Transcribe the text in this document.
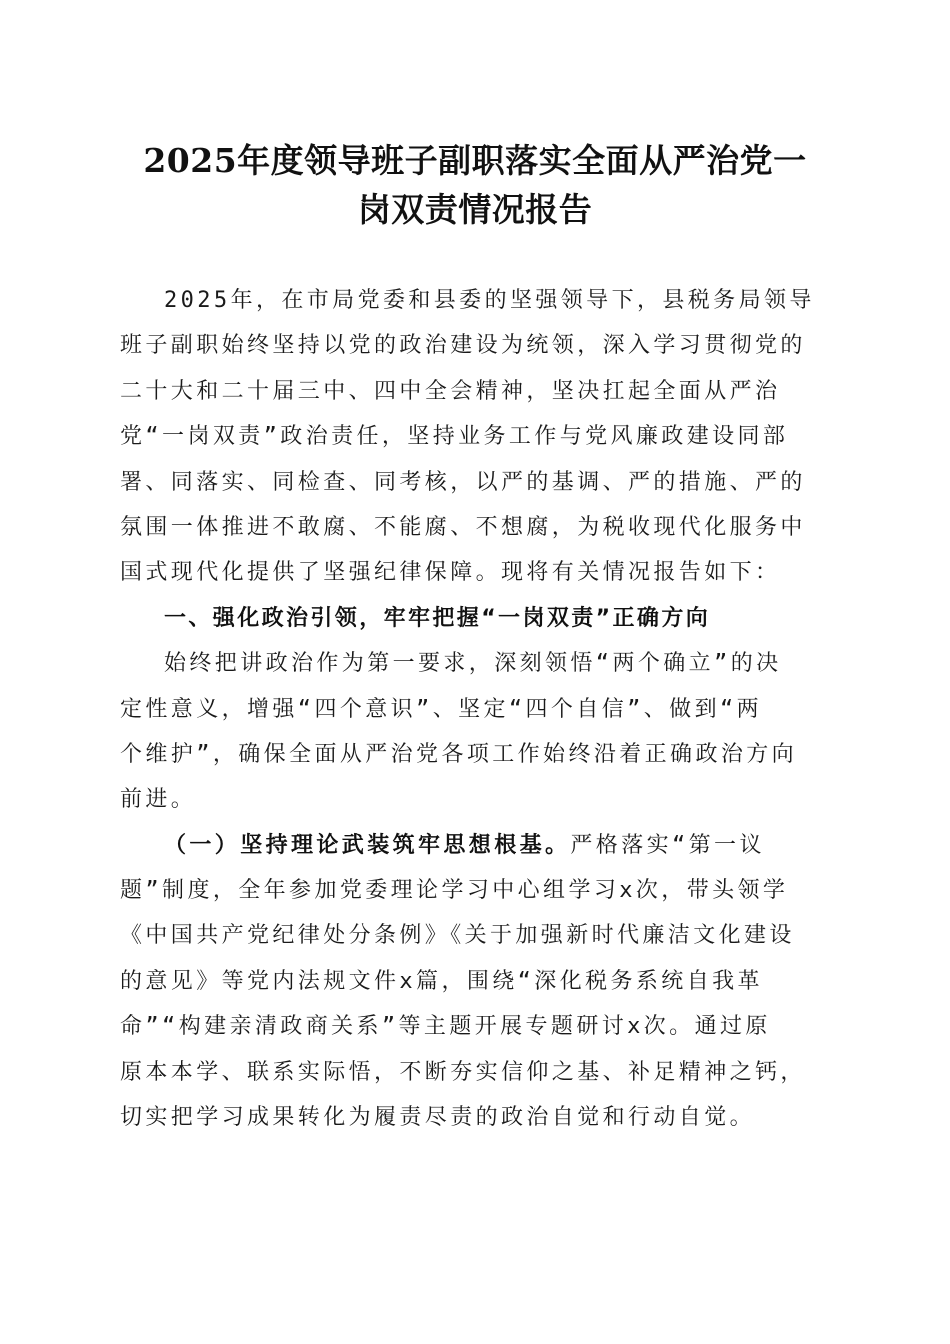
2025年度领导班子副职落实全面从严治党一
岗双责情况报告
2025年，在市局党委和县委的坚强领导下，县税务局领导
班子副职始终坚持以党的政治建设为统领，深入学习贯彻党的
二十大和二十届三中、四中全会精神，坚决扛起全面从严治
党“一岗双责”政治责任，坚持业务工作与党风廉政建设同部
署、同落实、同检查、同考核，以严的基调、严的措施、严的
氛围一体推进不敢腐、不能腐、不想腐，为税收现代化服务中
国式现代化提供了坚强纪律保障。现将有关情况报告如下：
一、强化政治引领，牢牢把握“一岗双责”正确方向
始终把讲政治作为第一要求，深刻领悟“两个确立”的决
定性意义，增强“四个意识”、坚定“四个自信”、做到“两
个维护”，确保全面从严治党各项工作始终沿着正确政治方向
前进。
（一）坚持理论武装筑牢思想根基。严格落实“第一议
题”制度，全年参加党委理论学习中心组学习x次，带头领学
《中国共产党纪律处分条例》《关于加强新时代廉洁文化建设
的意见》等党内法规文件x篇，围绕“深化税务系统自我革
命”“构建亲清政商关系”等主题开展专题研讨x次。通过原
原本本学、联系实际悟，不断夯实信仰之基、补足精神之钙，
切实把学习成果转化为履责尽责的政治自觉和行动自觉。
